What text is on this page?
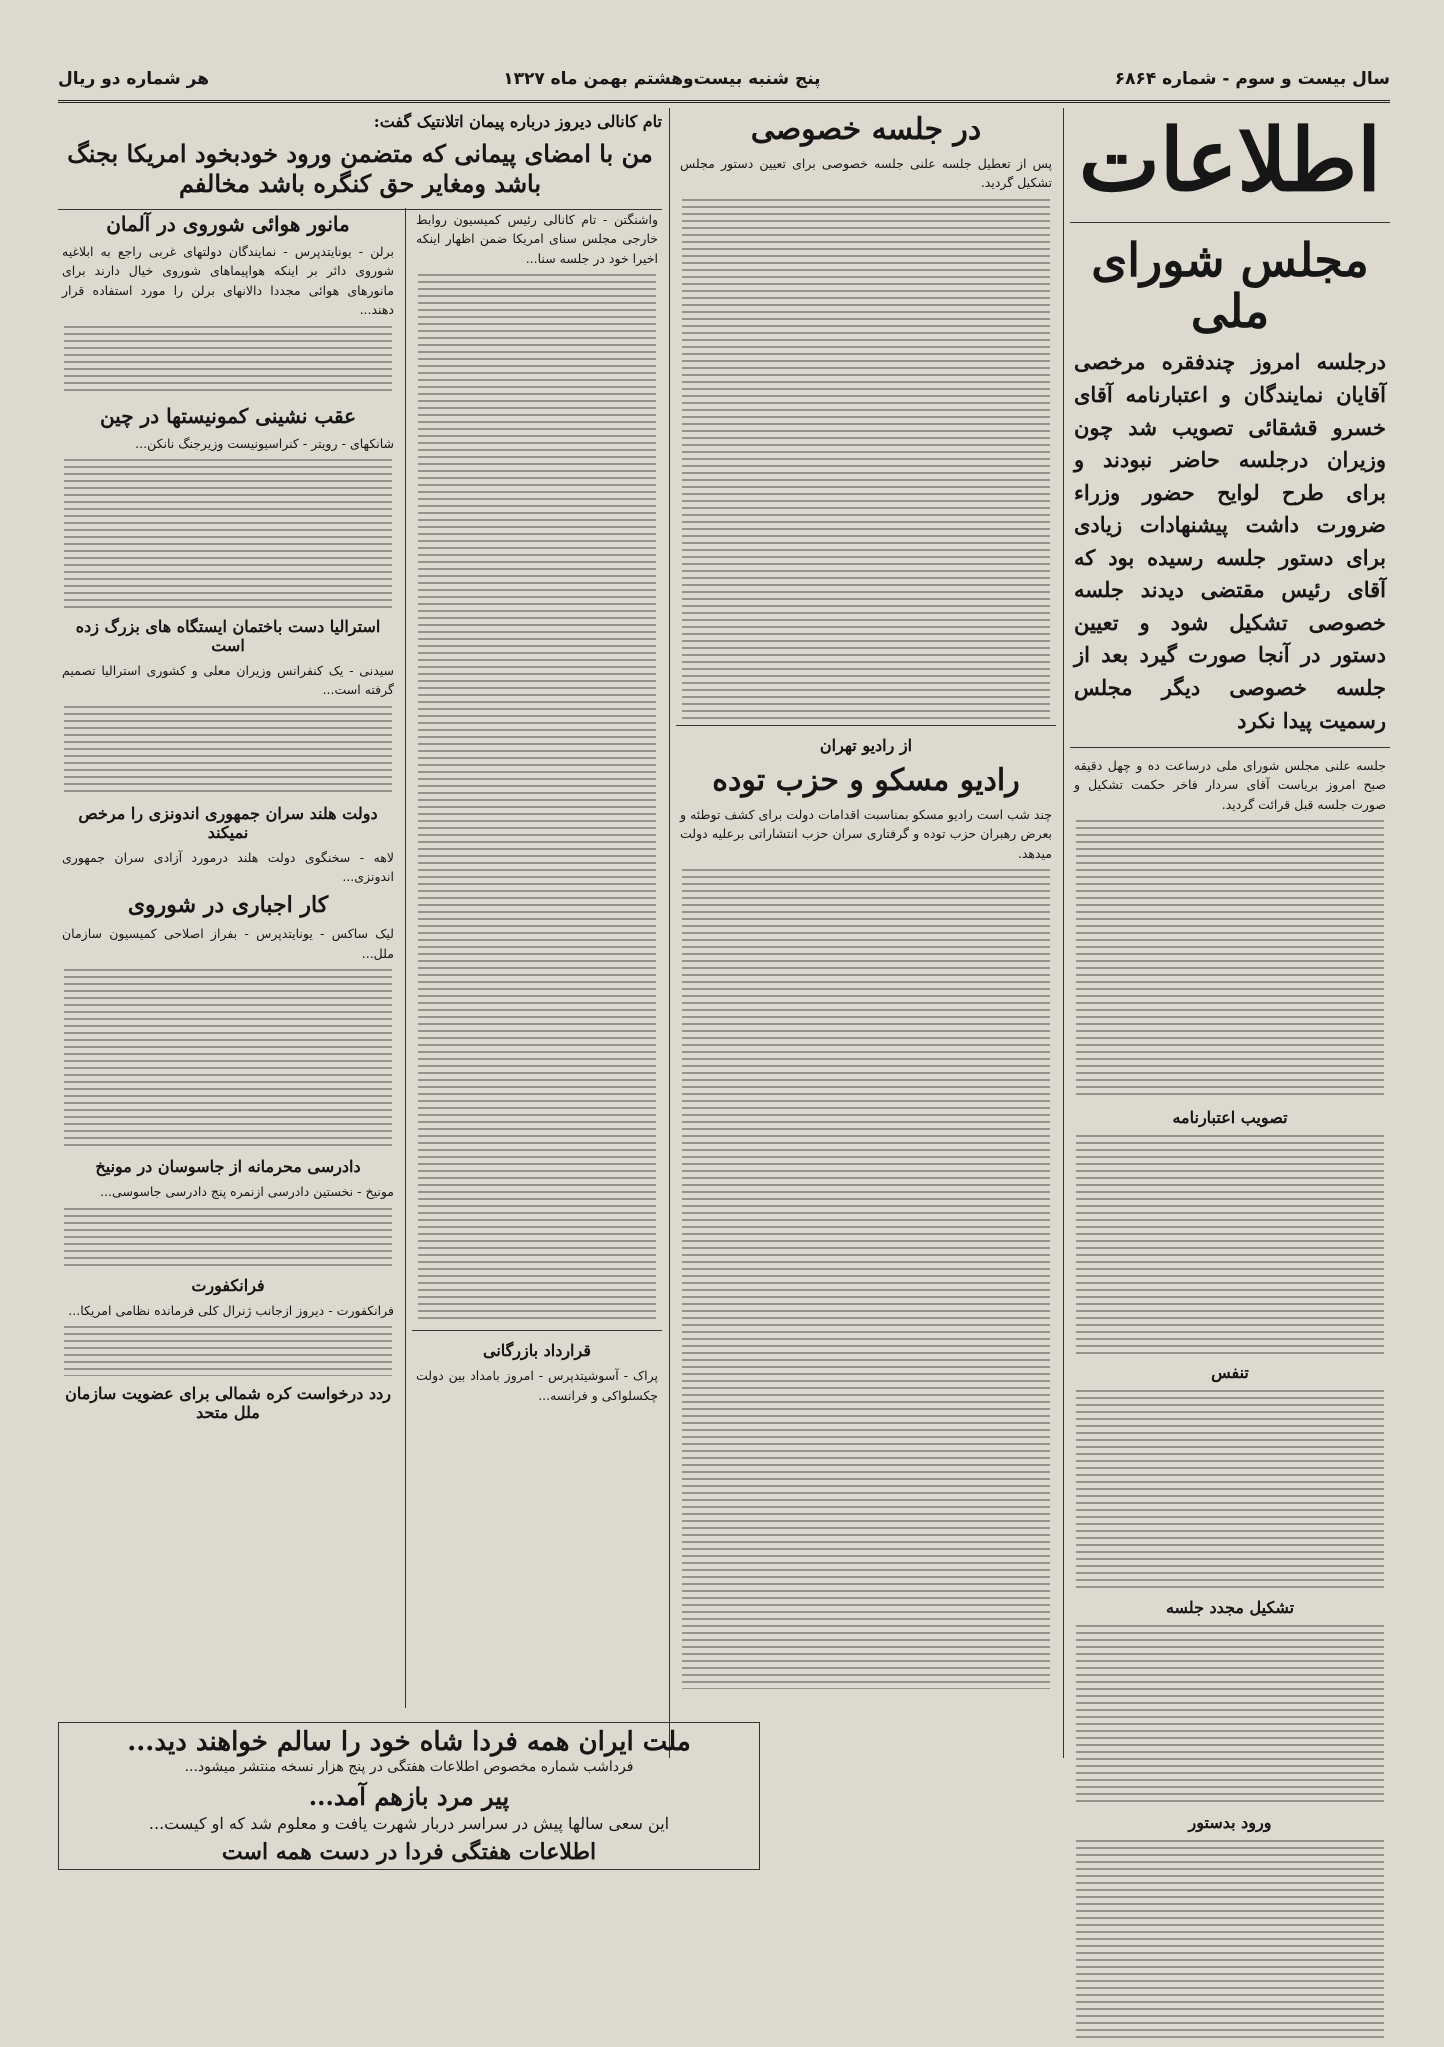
سال بیست و سوم - شماره ۶۸۶۴
پنج شنبه بیست‌وهشتم بهمن ماه ۱۳۲۷
هر شماره دو ریال
اطلاعات
مجلس شورای ملی
درجلسه امروز چندفقره مرخصی آقایان نمایندگان و اعتبارنامه آقای خسرو قشقائی تصویب شد چون وزیران درجلسه حاضر نبودند و برای طرح لوایح حضور وزراء ضرورت داشت پیشنهادات زیادی برای دستور جلسه رسیده بود که آقای رئیس مقتضی دیدند جلسه خصوصی تشکیل شود و تعیین دستور در آنجا صورت گیرد بعد از جلسه خصوصی دیگر مجلس رسمیت پیدا نکرد
جلسه علنی مجلس شورای ملی درساعت ده و چهل دقیقه صبح امروز بریاست آقای سردار فاخر حکمت تشکیل و صورت جلسه قبل قرائت گردید.
تصویب اعتبارنامه
تنفس
تشکیل مجدد جلسه
ورود بدستور
در جلسه خصوصی
پس از تعطیل جلسه علنی جلسه خصوصی برای تعیین دستور مجلس تشکیل گردید.
از رادیو تهران
رادیو مسکو و حزب توده
چند شب است رادیو مسکو بمناسبت اقدامات دولت برای کشف توطئه و بعرض رهبران حزب توده و گرفتاری سران حزب انتشاراتی برعلیه دولت میدهد.
تام کانالی دیروز درباره پیمان اتلانتیک گفت:
من با امضای پیمانی که متضمن ورود خودبخود امریکا بجنگ باشد ومغایر حق کنگره باشد مخالفم
واشنگتن - تام کانالی رئیس کمیسیون روابط خارجی مجلس سنای امریکا ضمن اظهار اینکه اخیرا خود در جلسه سنا...
قرارداد بازرگانی
پراک - آسوشیتدپرس - امروز بامداد بین دولت چکسلواکی و فرانسه...
مانور هوائی شوروی در آلمان
برلن - یونایتدپرس - نمایندگان دولتهای غربی راجع به ابلاغیه شوروی دائر بر اینکه هواپیماهای شوروی خیال دارند برای مانورهای هوائی مجددا دالانهای برلن را مورد استفاده قرار دهند...
عقب نشینی کمونیستها در چین
شانکهای - رویتر - کنراسیونیست وزیرجنگ نانکن...
استرالیا دست باختمان ایستگاه های بزرگ زده است
سیدنی - یک کنفرانس وزیران معلی و کشوری استرالیا تصمیم گرفته است...
دولت هلند سران جمهوری اندونزی را مرخص نمیکند
لاهه - سخنگوی دولت هلند درمورد آزادی سران جمهوری اندونزی...
کار اجباری در شوروی
لیک ساکس - یونایتدپرس - بفراز اصلاحی کمیسیون سازمان ملل...
دادرسی محرمانه از جاسوسان در مونیخ
مونیخ - نخستین دادرسی ازنمره پنج دادرسی جاسوسی...
فرانکفورت
فرانکفورت - دیروز ازجانب ژنرال کلی فرمانده نظامی امریکا...
ردد درخواست کره شمالی برای عضویت سازمان ملل متحد
ملت ایران همه فردا شاه خود را سالم خواهند دید...
فرداشب شماره مخصوص اطلاعات هفتگی در پنج هزار نسخه منتشر میشود...
پیر مرد بازهم آمد...
این سعی سالها پیش در سراسر دربار شهرت یافت و معلوم شد که او کیست...
اطلاعات هفتگی فردا در دست همه است
